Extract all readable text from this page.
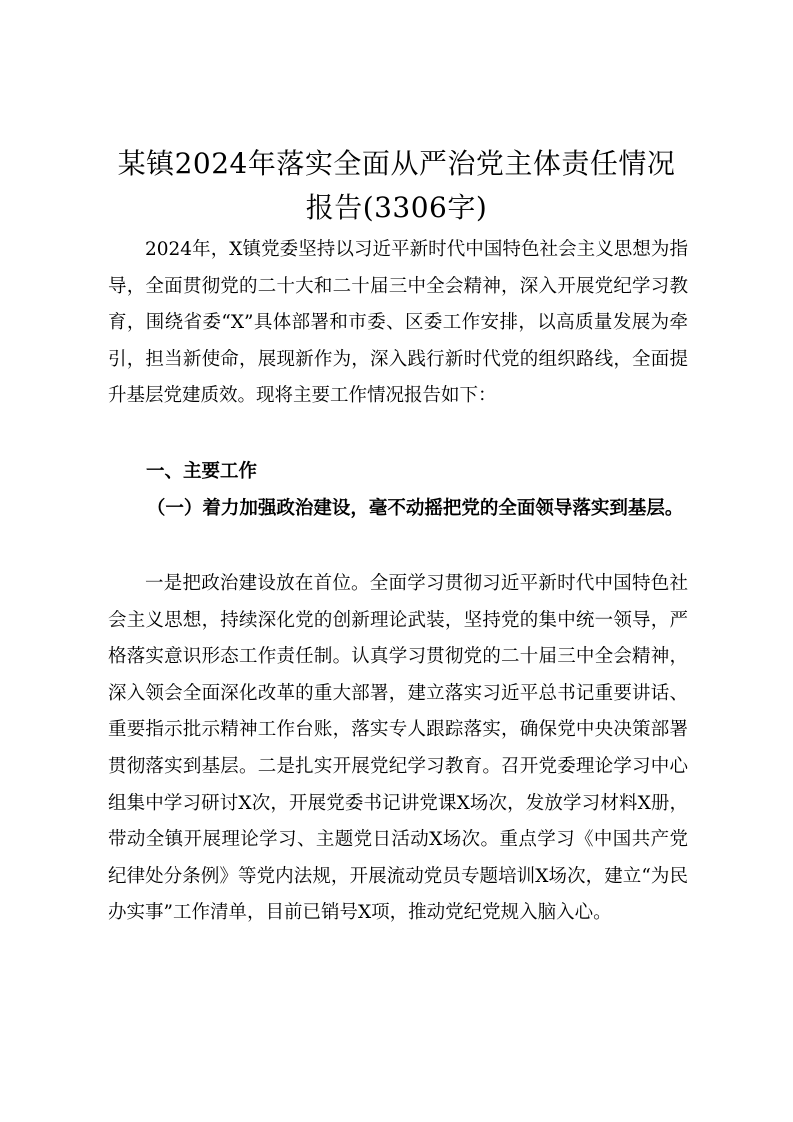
某镇2024年落实全面从严治党主体责任情况
报告(3306字)

2024年，X镇党委坚持以习近平新时代中国特色社会主义思想为指导，全面贯彻党的二十大和二十届三中全会精神，深入开展党纪学习教育，围绕省委“X”具体部署和市委、区委工作安排，以高质量发展为牵引，担当新使命，展现新作为，深入践行新时代党的组织路线，全面提升基层党建质效。现将主要工作情况报告如下：

一、主要工作

（一）着力加强政治建设，毫不动摇把党的全面领导落实到基层。

一是把政治建设放在首位。全面学习贯彻习近平新时代中国特色社会主义思想，持续深化党的创新理论武装，坚持党的集中统一领导，严格落实意识形态工作责任制。认真学习贯彻党的二十届三中全会精神，深入领会全面深化改革的重大部署，建立落实习近平总书记重要讲话、重要指示批示精神工作台账，落实专人跟踪落实，确保党中央决策部署贯彻落实到基层。二是扎实开展党纪学习教育。召开党委理论学习中心组集中学习研讨X次，开展党委书记讲党课X场次，发放学习材料X册，带动全镇开展理论学习、主题党日活动X场次。重点学习《中国共产党纪律处分条例》等党内法规，开展流动党员专题培训X场次，建立“为民办实事”工作清单，目前已销号X项，推动党纪党规入脑入心。
